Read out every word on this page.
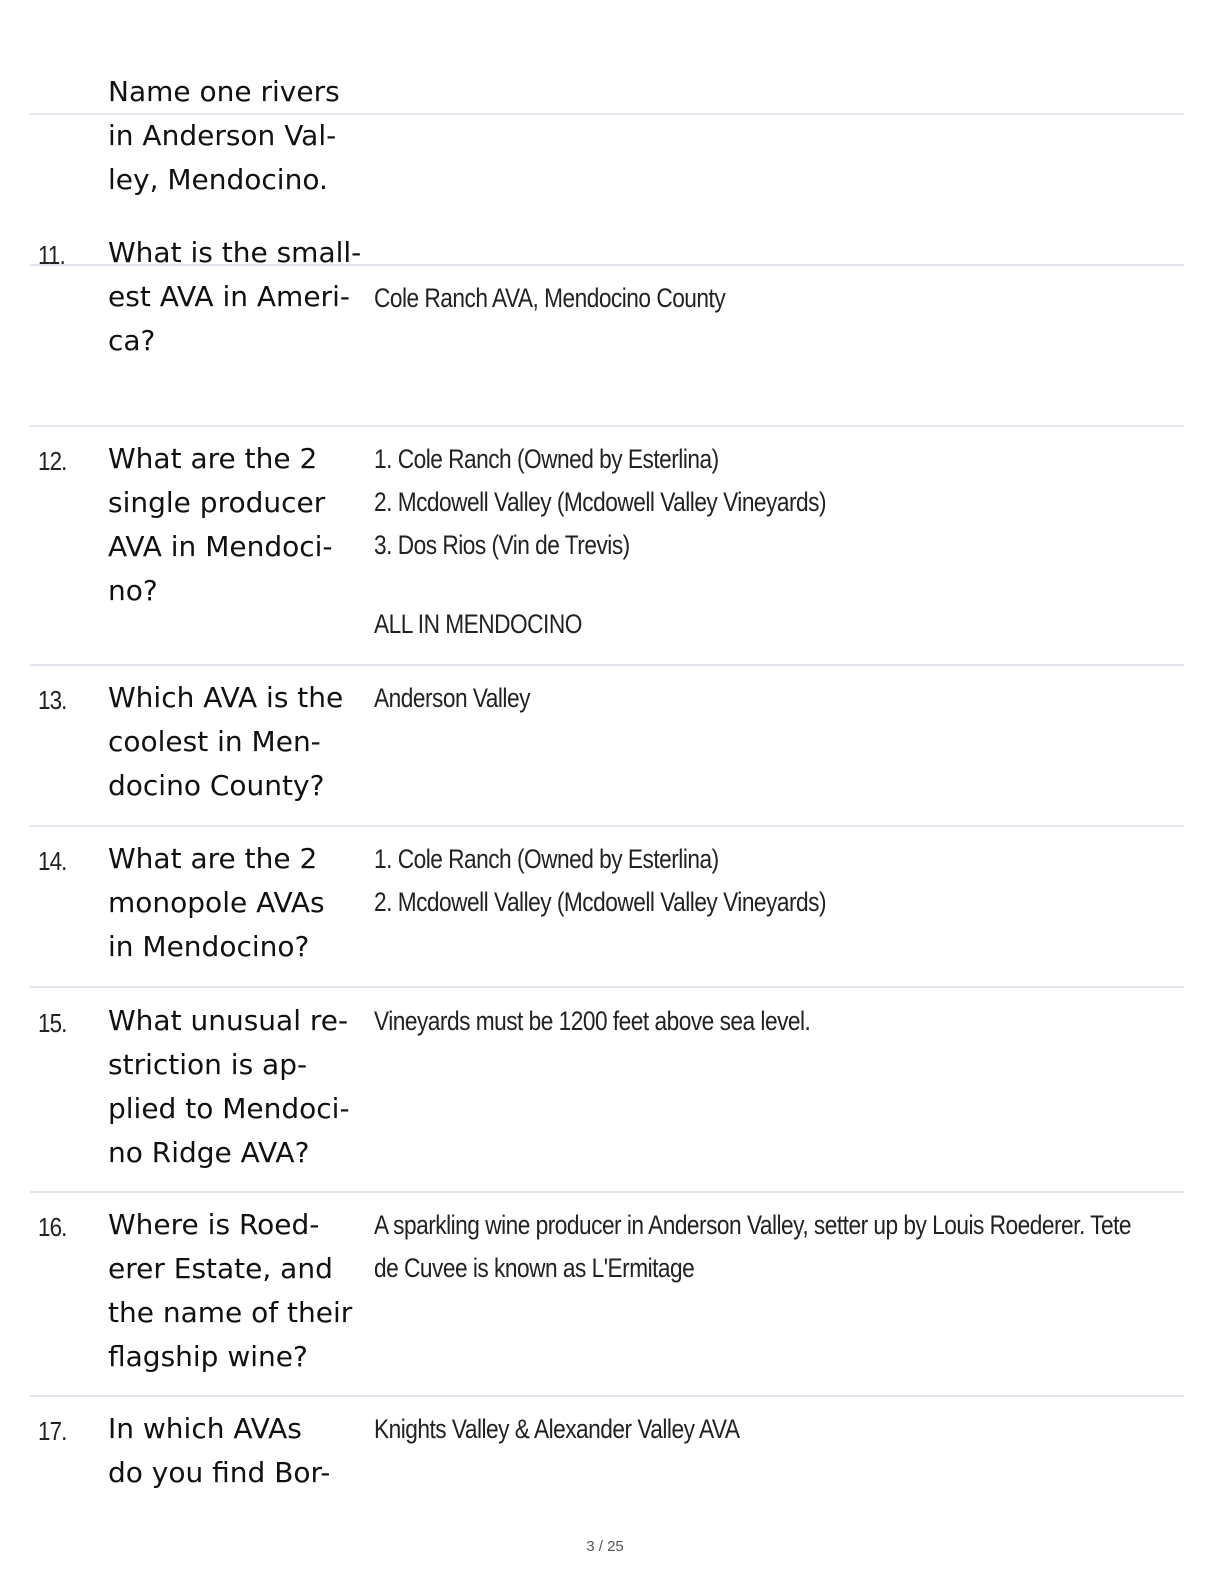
Name one rivers
in Anderson Val-
ley, Mendocino.
11. What is the small-
est AVA in Ameri-
ca?
Cole Ranch AVA, Mendocino County
12. What are the 2
single producer
AVA in Mendoci-
no?
1. Cole Ranch (Owned by Esterlina)
2. Mcdowell Valley (Mcdowell Valley Vineyards)
3. Dos Rios (Vin de Trevis)
ALL IN MENDOCINO
13. Which AVA is the
coolest in Men-
docino County?
Anderson Valley
14. What are the 2
monopole AVAs
in Mendocino?
1. Cole Ranch (Owned by Esterlina)
2. Mcdowell Valley (Mcdowell Valley Vineyards)
15. What unusual re-
striction is ap-
plied to Mendoci-
no Ridge AVA?
Vineyards must be 1200 feet above sea level.
16. Where is Roed-
erer Estate, and
the name of their
flagship wine?
A sparkling wine producer in Anderson Valley, setter up by Louis Roederer. Tete
de Cuvee is known as L'Ermitage
17. In which AVAs
do you find Bor-
Knights Valley & Alexander Valley AVA
3 / 25
